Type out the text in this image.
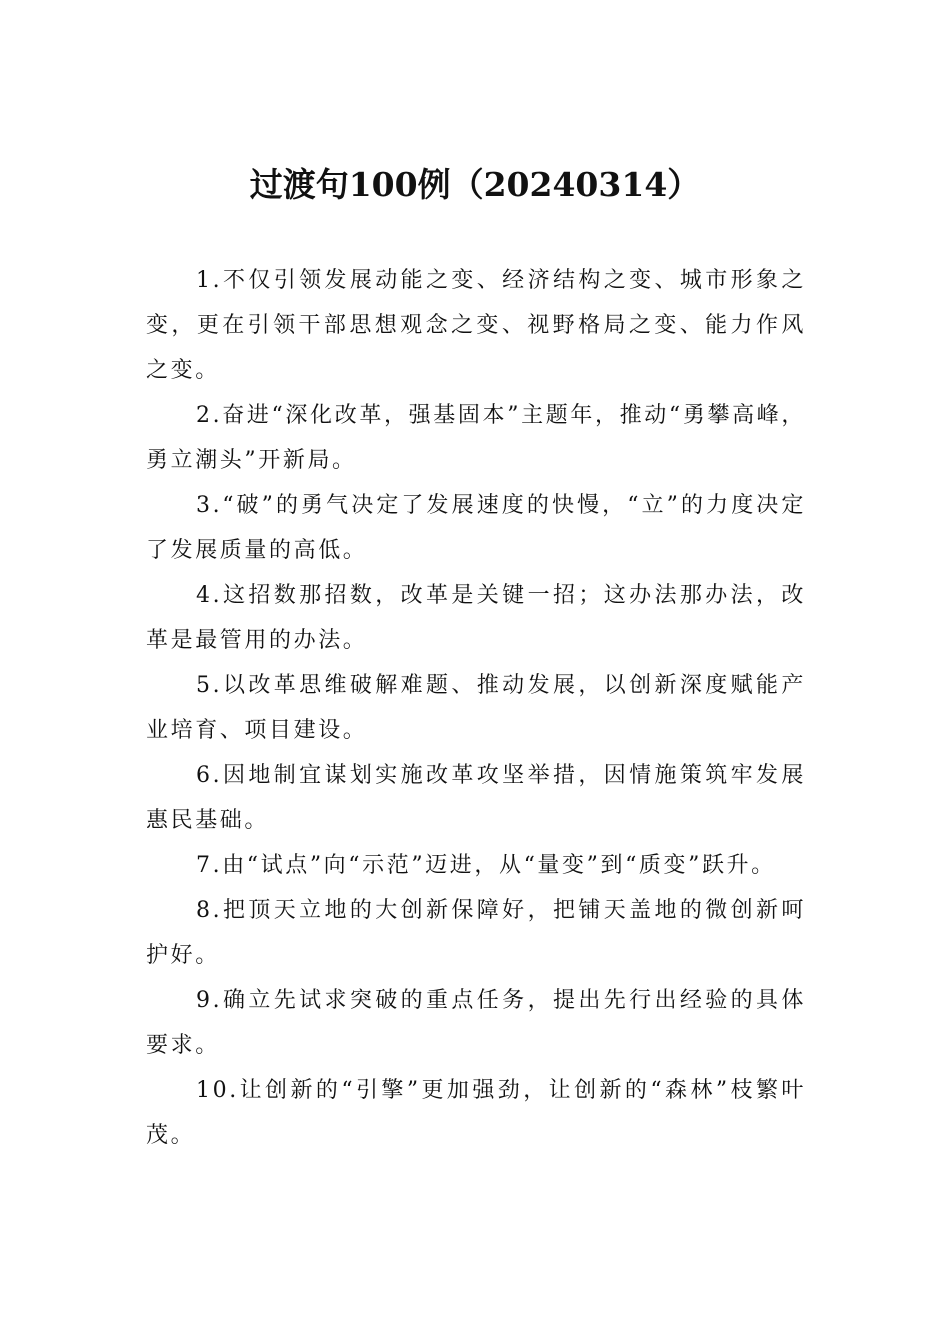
过渡句100例（20240314）

1.不仅引领发展动能之变、经济结构之变、城市形象之变，更在引领干部思想观念之变、视野格局之变、能力作风之变。

2.奋进“深化改革，强基固本”主题年，推动“勇攀高峰，勇立潮头”开新局。

3.“破”的勇气决定了发展速度的快慢，“立”的力度决定了发展质量的高低。

4.这招数那招数，改革是关键一招；这办法那办法，改革是最管用的办法。

5.以改革思维破解难题、推动发展，以创新深度赋能产业培育、项目建设。

6.因地制宜谋划实施改革攻坚举措，因情施策筑牢发展惠民基础。

7.由“试点”向“示范”迈进，从“量变”到“质变”跃升。

8.把顶天立地的大创新保障好，把铺天盖地的微创新呵护好。

9.确立先试求突破的重点任务，提出先行出经验的具体要求。

10.让创新的“引擎”更加强劲，让创新的“森林”枝繁叶茂。
